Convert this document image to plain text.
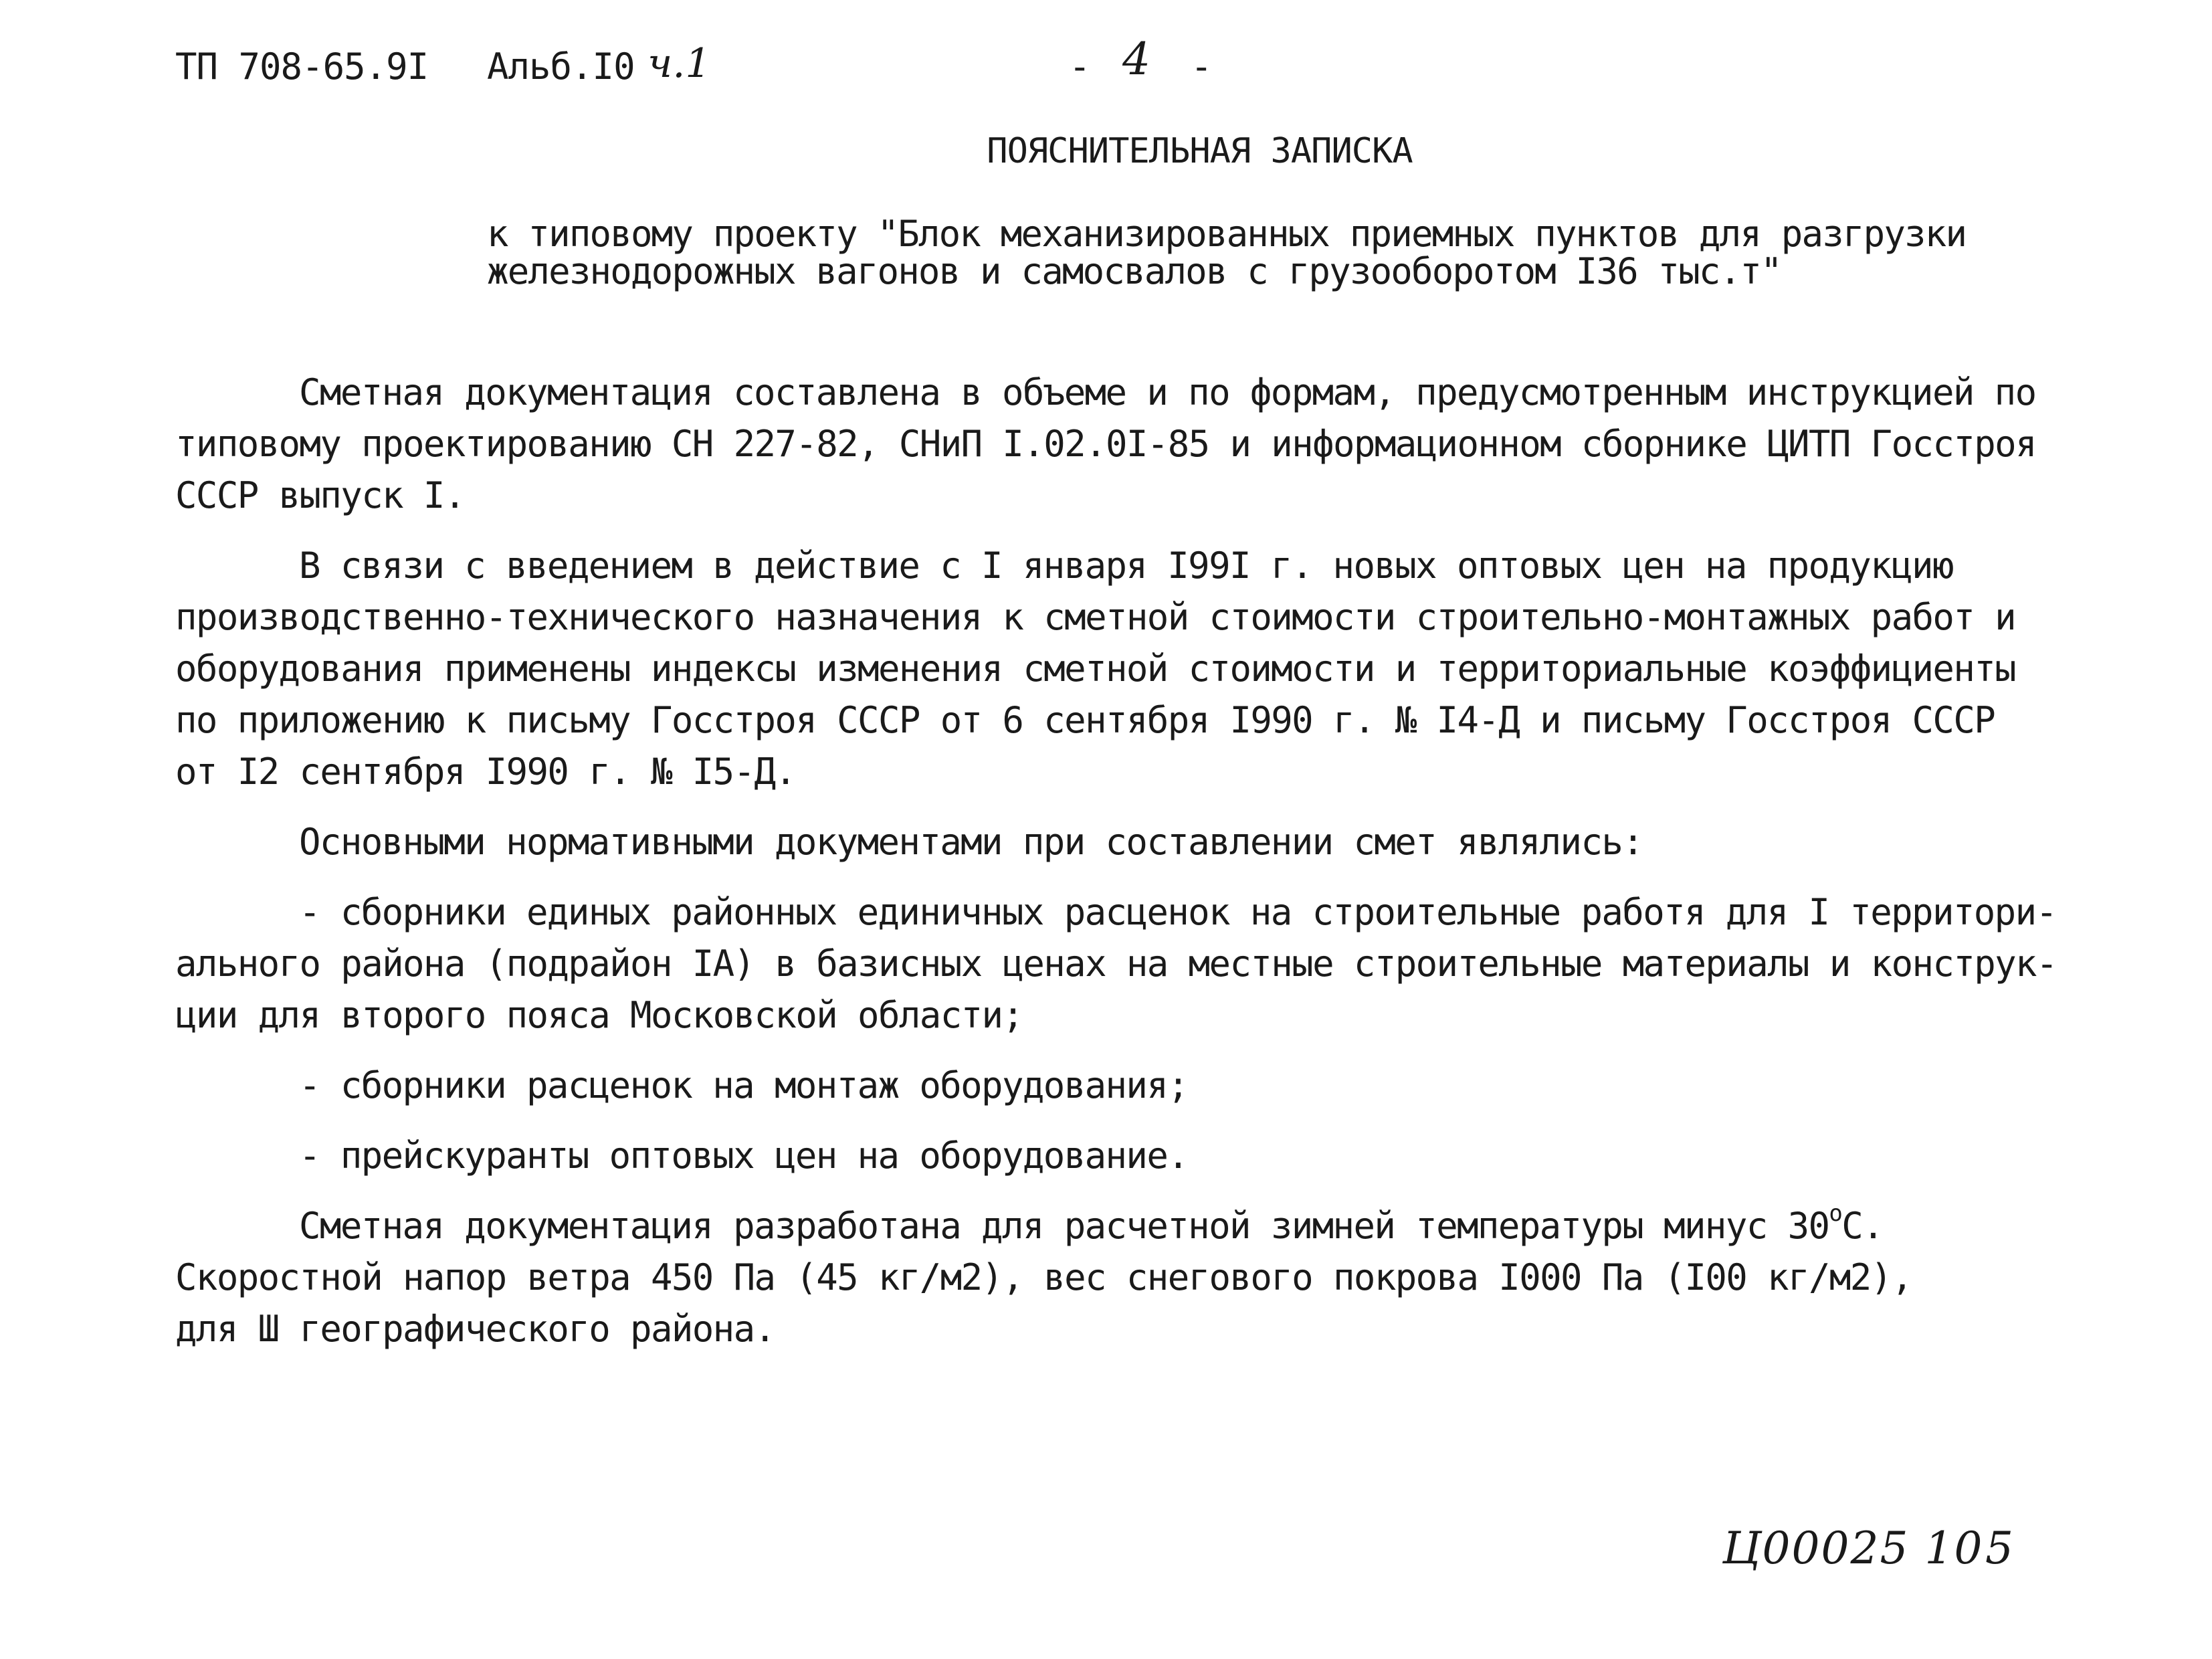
ТП 708-65.9I Альб.I0 ч.1	- 4 -
ПОЯСНИТЕЛЬНАЯ ЗАПИСКА
к типовому проекту "Блок механизированных приемных пунктов для разгрузки
железнодорожных вагонов и самосвалов с грузооборотом I36 тыс.т"
Сметная документация составлена в объеме и по формам, предусмотренным инструкцией по
типовому проектированию СН 227-82, СНиП I.02.0I-85 и информационном сборнике ЦИТП Госстроя
СССР выпуск I.
В связи с введением в действие с I января I99I г. новых оптовых цен на продукцию
производственно-технического назначения к сметной стоимости строительно-монтажных работ и
оборудования применены индексы изменения сметной стоимости и территориальные коэффициенты
по приложению к письму Госстроя СССР от 6 сентября I990 г. № I4-Д и письму Госстроя СССР
от I2 сентября I990 г. № I5-Д.
Основными нормативными документами при составлении смет являлись:
- сборники единых районных единичных расценок на строительные работя для I территори-
ального района (подрайон IА) в базисных ценах на местные строительные материалы и конструк-
ции для второго пояса Московской области;
- сборники расценок на монтаж оборудования;
- прейскуранты оптовых цен на оборудование.
Сметная документация разработана для расчетной зимней температуры минус 30$^o$С.
Скоростной напор ветра 450 Па (45 кг/м2), вес снегового покрова I000 Па (I00 кг/м2),
для Ш географического района.
Ц00025 10 5
